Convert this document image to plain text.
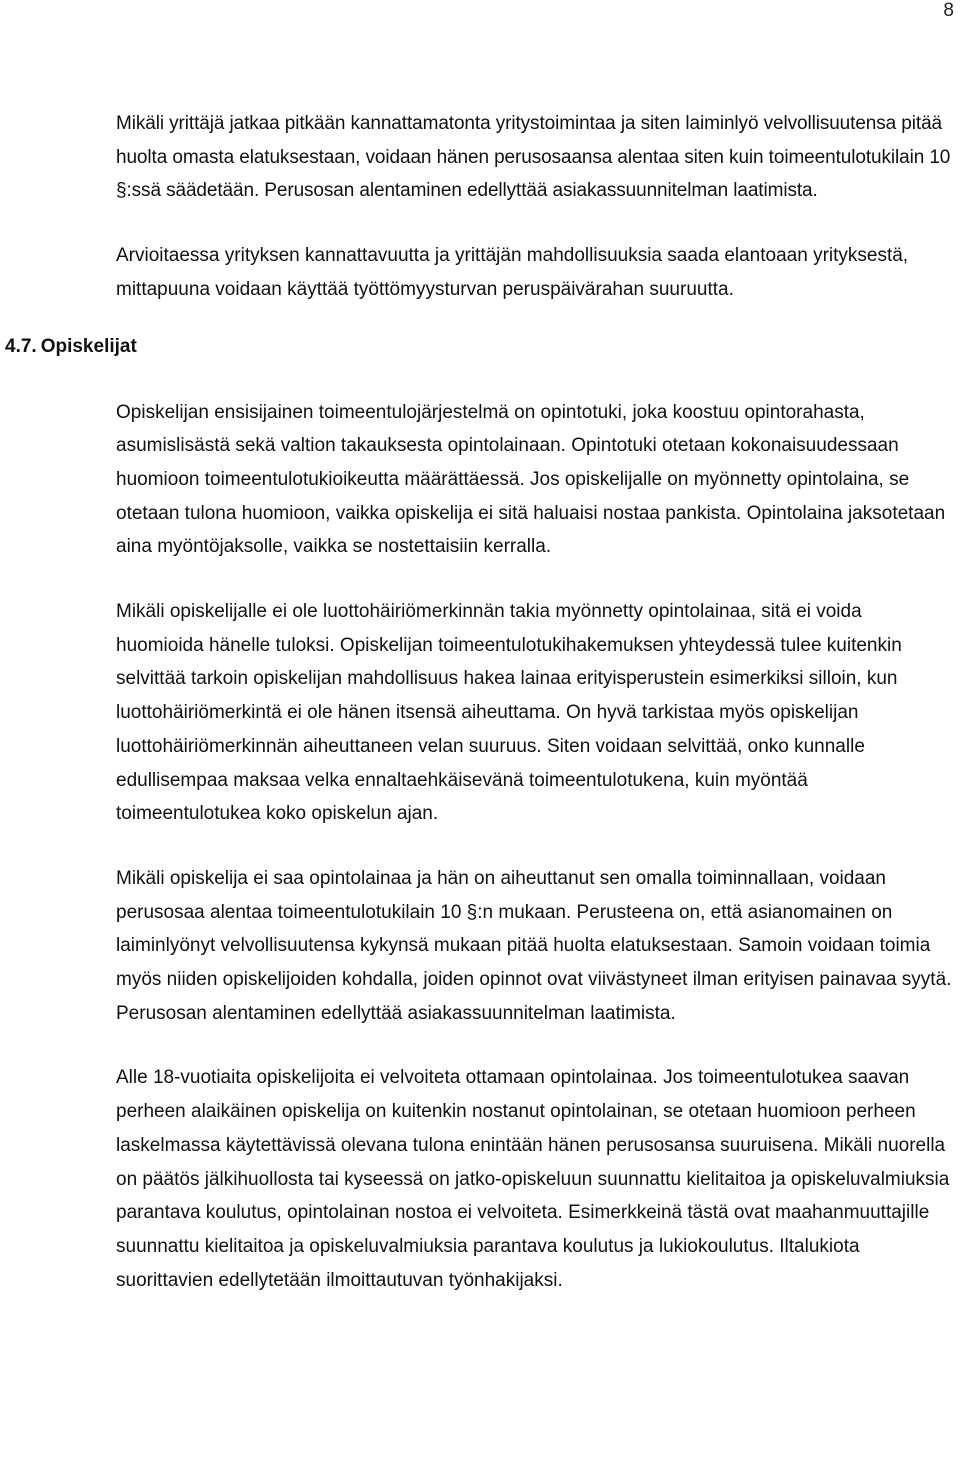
8

Mikäli yrittäjä jatkaa pitkään kannattamatonta yritystoimintaa ja siten laiminlyö velvollisuutensa pitää huolta omasta elatuksestaan, voidaan hänen perusosaansa alentaa siten kuin toimeentulotukilain 10 §:ssä säädetään. Perusosan alentaminen edellyttää asiakassuunnitelman laatimista.

Arvioitaessa yrityksen kannattavuutta ja yrittäjän mahdollisuuksia saada elantoaan yrityksestä, mittapuuna voidaan käyttää työttömyysturvan peruspäivärahan suuruutta.

4.7. Opiskelijat

Opiskelijan ensisijainen toimeentulojärjestelmä on opintotuki, joka koostuu opintorahasta, asumislisästä sekä valtion takauksesta opintolainaan. Opintotuki otetaan kokonaisuudessaan huomioon toimeentulotukioikeutta määrättäessä. Jos opiskelijalle on myönnetty opintolaina, se otetaan tulona huomioon, vaikka opiskelija ei sitä haluaisi nostaa pankista. Opintolaina jaksotetaan aina myöntöjaksolle, vaikka se nostettaisiin kerralla.

Mikäli opiskelijalle ei ole luottohäiriömerkinnän takia myönnetty opintolainaa, sitä ei voida huomioida hänelle tuloksi. Opiskelijan toimeentulotukihakemuksen yhteydessä tulee kuitenkin selvittää tarkoin opiskelijan mahdollisuus hakea lainaa erityisperustein esimerkiksi silloin, kun luottohäiriömerkintä ei ole hänen itsensä aiheuttama. On hyvä tarkistaa myös opiskelijan luottohäiriömerkinnän aiheuttaneen velan suuruus. Siten voidaan selvittää, onko kunnalle edullisempaa maksaa velka ennaltaehkäisevänä toimeentulotukena, kuin myöntää toimeentulotukea koko opiskelun ajan.

Mikäli opiskelija ei saa opintolainaa ja hän on aiheuttanut sen omalla toiminnallaan, voidaan perusosaa alentaa toimeentulotukilain 10 §:n mukaan. Perusteena on, että asianomainen on laiminlyönyt velvollisuutensa kykynsä mukaan pitää huolta elatuksestaan. Samoin voidaan toimia myös niiden opiskelijoiden kohdalla, joiden opinnot ovat viivästyneet ilman erityisen painavaa syytä. Perusosan alentaminen edellyttää asiakassuunnitelman laatimista.

Alle 18-vuotiaita opiskelijoita ei velvoiteta ottamaan opintolainaa. Jos toimeentulotukea saavan perheen alaikäinen opiskelija on kuitenkin nostanut opintolainan, se otetaan huomioon perheen laskelmassa käytettävissä olevana tulona enintään hänen perusosansa suuruisena. Mikäli nuorella on päätös jälkihuollosta tai kyseessä on jatko-opiskeluun suunnattu kielitaitoa ja opiskeluvalmiuksia parantava koulutus, opintolainan nostoa ei velvoiteta. Esimerkkeinä tästä ovat maahanmuuttajille suunnattu kielitaitoa ja opiskeluvalmiuksia parantava koulutus ja lukiokoulutus. Iltalukiota suorittavien edellytetään ilmoittautuvan työnhakijaksi.
